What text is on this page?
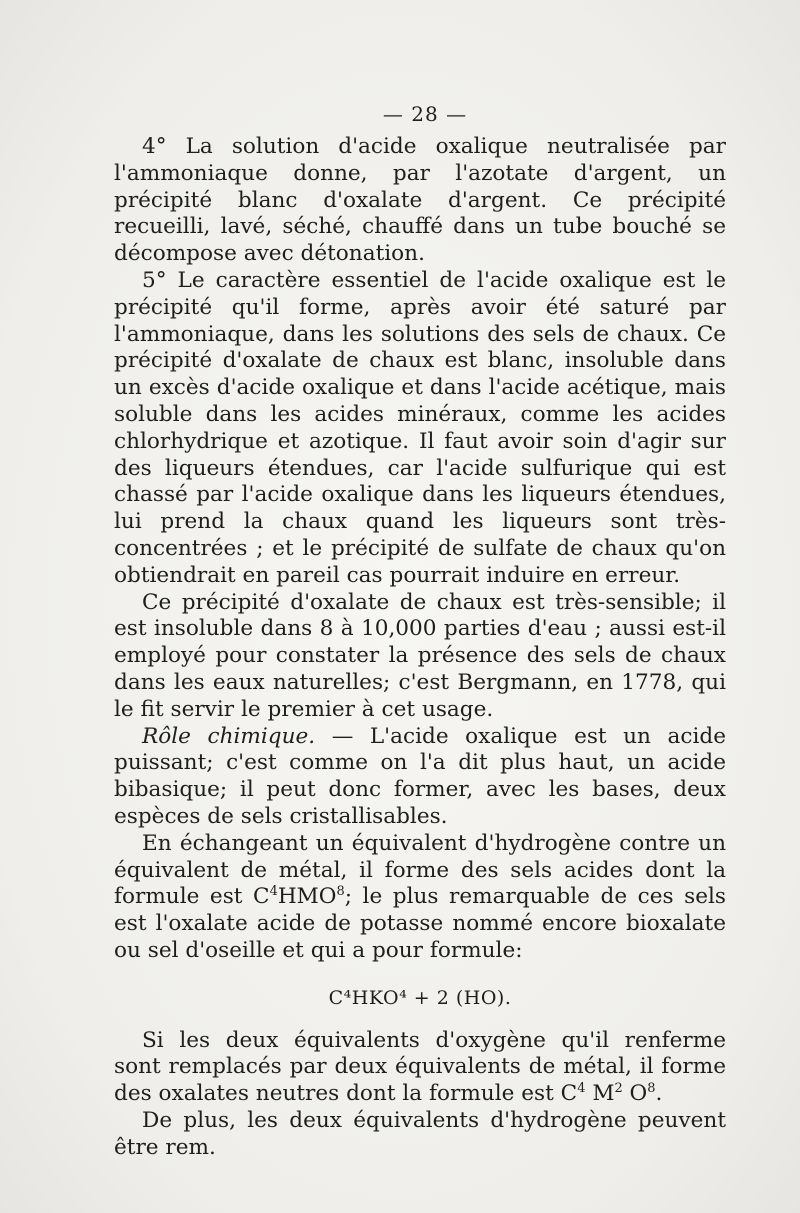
— 28 —

4° La solution d'acide oxalique neutralisée par l'ammoniaque donne, par l'azotate d'argent, un précipité blanc d'oxalate d'argent. Ce précipité recueilli, lavé, séché, chauffé dans un tube bouché se décompose avec détonation.

5° Le caractère essentiel de l'acide oxalique est le précipité qu'il forme, après avoir été saturé par l'ammoniaque, dans les solutions des sels de chaux. Ce précipité d'oxalate de chaux est blanc, insoluble dans un excès d'acide oxalique et dans l'acide acétique, mais soluble dans les acides minéraux, comme les acides chlorhydrique et azotique. Il faut avoir soin d'agir sur des liqueurs étendues, car l'acide sulfurique qui est chassé par l'acide oxalique dans les liqueurs étendues, lui prend la chaux quand les liqueurs sont très-concentrées ; et le précipité de sulfate de chaux qu'on obtiendrait en pareil cas pourrait induire en erreur.

Ce précipité d'oxalate de chaux est très-sensible; il est insoluble dans 8 à 10,000 parties d'eau ; aussi est-il employé pour constater la présence des sels de chaux dans les eaux naturelles; c'est Bergmann, en 1778, qui le fit servir le premier à cet usage.

Rôle chimique. — L'acide oxalique est un acide puissant; c'est comme on l'a dit plus haut, un acide bibasique; il peut donc former, avec les bases, deux espèces de sels cristallisables.

En échangeant un équivalent d'hydrogène contre un équivalent de métal, il forme des sels acides dont la formule est $C^4HMO^8$; le plus remarquable de ces sels est l'oxalate acide de potasse nommé encore bioxalate ou sel d'oseille et qui a pour formule:

C⁴HKO⁴ + 2 (HO).

Si les deux équivalents d'oxygène qu'il renferme sont remplacés par deux équivalents de métal, il forme des oxalates neutres dont la formule est $C^4$ $M^2$ $O^8$.

De plus, les deux équivalents d'hydrogène peuvent être rem.
